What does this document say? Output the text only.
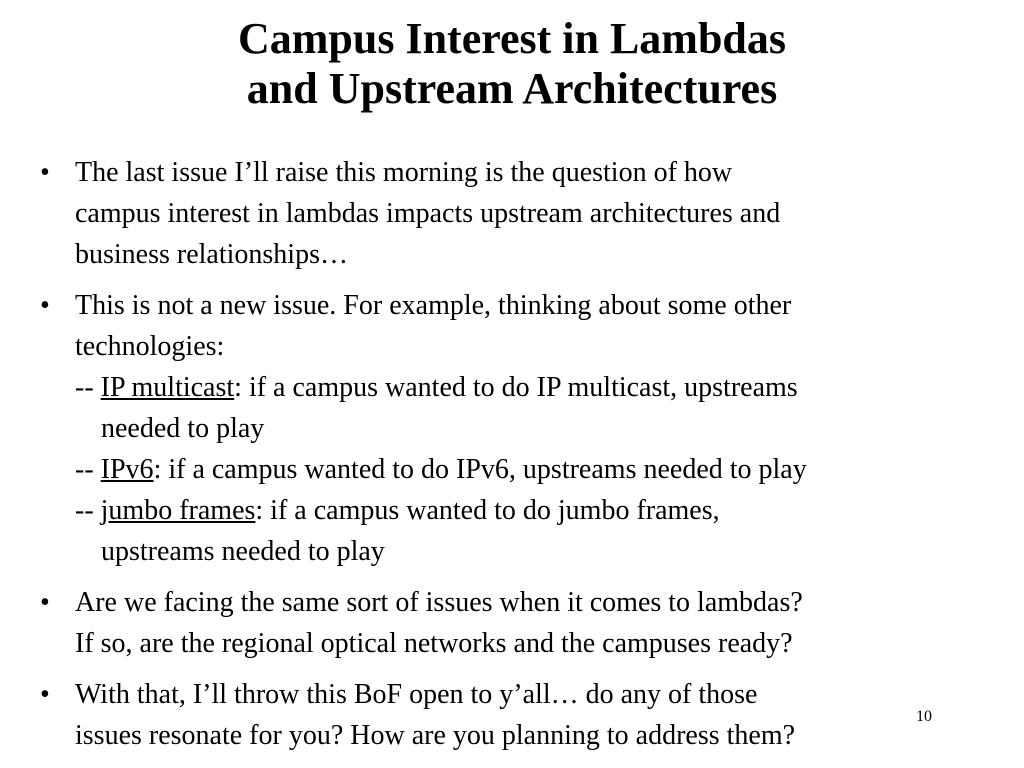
Campus Interest in Lambdas
and Upstream Architectures
• The last issue I’ll raise this morning is the question of how
campus interest in lambdas impacts upstream architectures and
business relationships…
• This is not a new issue. For example, thinking about some other
technologies:
-- IP multicast: if a campus wanted to do IP multicast, upstreams
needed to play
-- IPv6: if a campus wanted to do IPv6, upstreams needed to play
-- jumbo frames: if a campus wanted to do jumbo frames,
upstreams needed to play
• Are we facing the same sort of issues when it comes to lambdas?
If so, are the regional optical networks and the campuses ready?
• With that, I’ll throw this BoF open to y’all… do any of those
issues resonate for you? How are you planning to address them?
10
